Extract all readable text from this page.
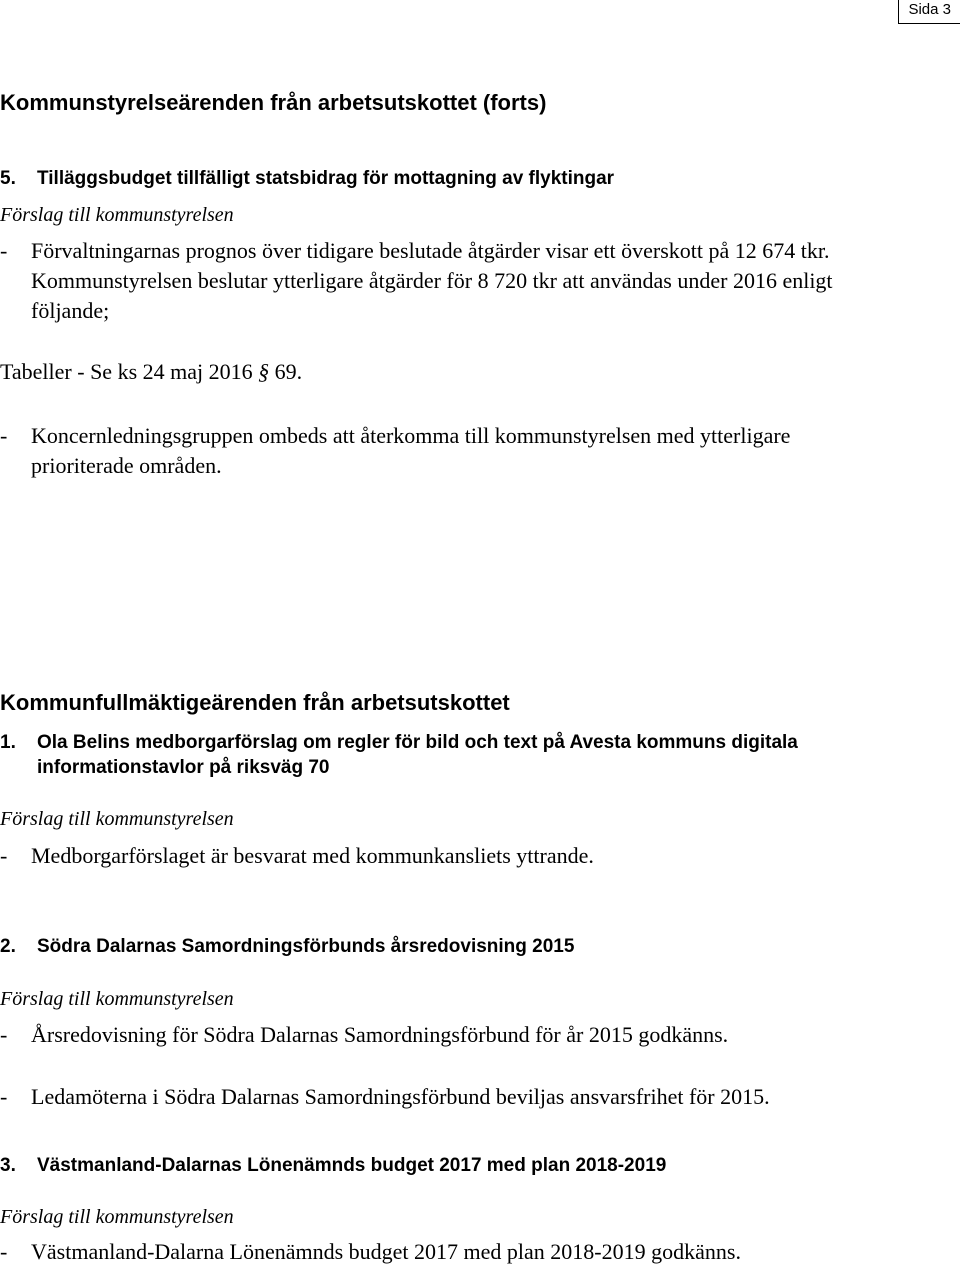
Sida 3
Kommunstyrelseärenden från arbetsutskottet (forts)
5. Tilläggsbudget tillfälligt statsbidrag för mottagning av flyktingar
Förslag till kommunstyrelsen
- Förvaltningarnas prognos över tidigare beslutade åtgärder visar ett överskott på 12 674 tkr.
Kommunstyrelsen beslutar ytterligare åtgärder för 8 720 tkr att användas under 2016 enligt
följande;
Tabeller - Se ks 24 maj 2016 § 69.
- Koncernledningsgruppen ombeds att återkomma till kommunstyrelsen med ytterligare
prioriterade områden.
Kommunfullmäktigeärenden från arbetsutskottet
1. Ola Belins medborgarförslag om regler för bild och text på Avesta kommuns digitala
informationstavlor på riksväg 70
Förslag till kommunstyrelsen
- Medborgarförslaget är besvarat med kommunkansliets yttrande.
2. Södra Dalarnas Samordningsförbunds årsredovisning 2015
Förslag till kommunstyrelsen
- Årsredovisning för Södra Dalarnas Samordningsförbund för år 2015 godkänns.
- Ledamöterna i Södra Dalarnas Samordningsförbund beviljas ansvarsfrihet för 2015.
3. Västmanland-Dalarnas Lönenämnds budget 2017 med plan 2018-2019
Förslag till kommunstyrelsen
- Västmanland-Dalarna Lönenämnds budget 2017 med plan 2018-2019 godkänns.
